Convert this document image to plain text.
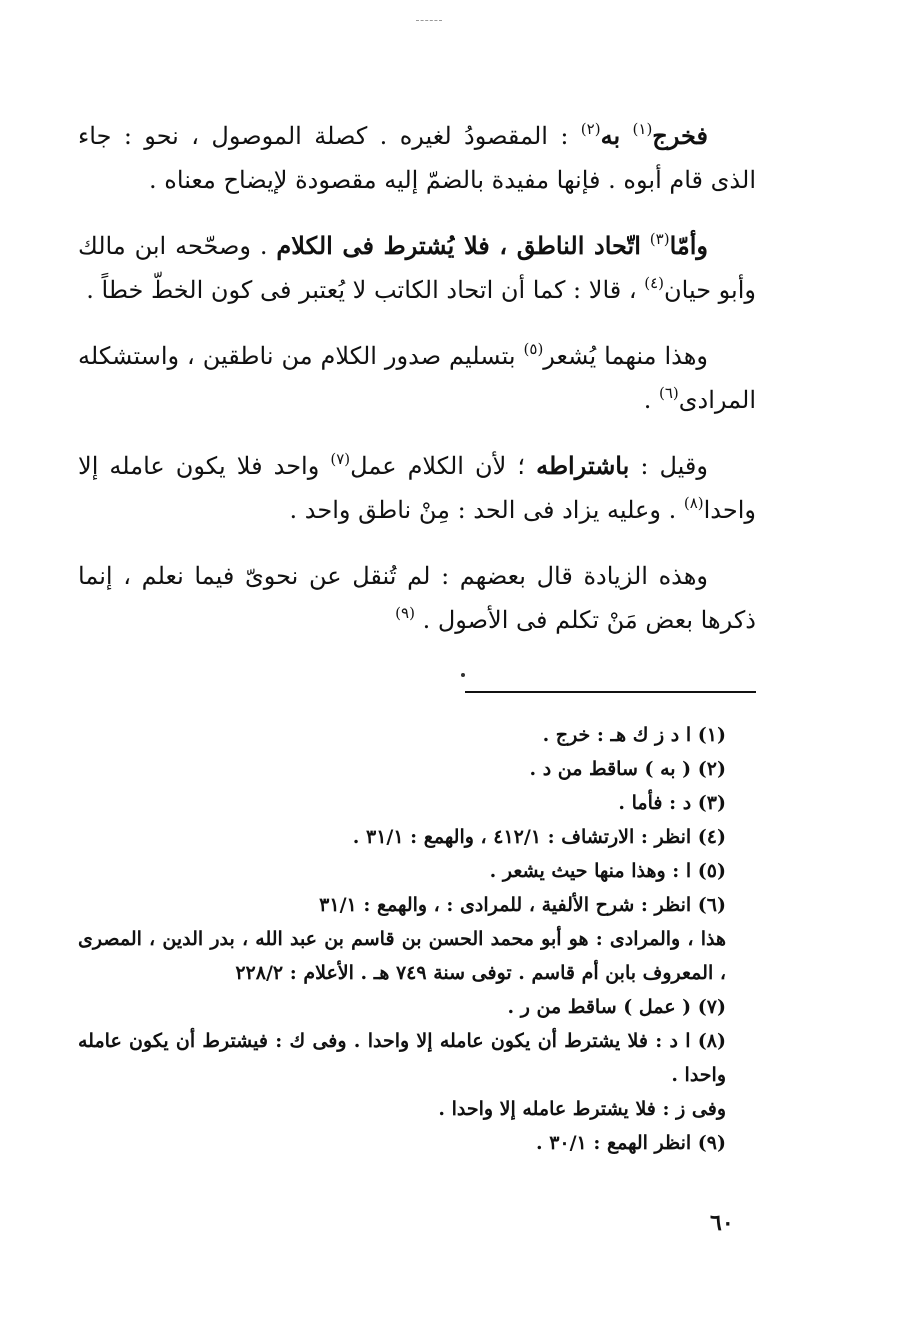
فخرج$^{(١)}$ به$^{(٢)}$ : المقصودُ لغيره . كصلة الموصول ، نحو : جاء الذى قام أبوه . فإنها مفيدة بالضمّ إليه مقصودة لإيضاح معناه .

وأمّا$^{(٣)}$ اتّحاد الناطق ، فلا يُشترط فى الكلام . وصحّحه ابن مالك وأبو حيان$^{(٤)}$ ، قالا : كما أن اتحاد الكاتب لا يُعتبر فى كون الخطّ خطاً .

وهذا منهما يُشعر$^{(٥)}$ بتسليم صدور الكلام من ناطقين ، واستشكله المرادى$^{(٦)}$ .

وقيل : باشتراطه ؛ لأن الكلام عمل$^{(٧)}$ واحد فلا يكون عامله إلا واحدا$^{(٨)}$ . وعليه يزاد فى الحد : مِنْ ناطق واحد .

وهذه الزيادة قال بعضهم : لم تُنقل عن نحوىّ فيما نعلم ، إنما ذكرها بعض مَنْ تكلم فى الأصول . $^{(٩)}$

(١) ا د ز ك هـ : خرج .

(٢) ( به ) ساقط من د .

(٣) د : فأما .

(٤) انظر : الارتشاف : ٤١٢/١ ، والهمع : ٣١/١ .

(٥) ا : وهذا منها حيث يشعر .

(٦) انظر : شرح الألفية ، للمرادى : ، والهمع : ٣١/١

هذا ، والمرادى : هو أبو محمد الحسن بن قاسم بن عبد الله ، بدر الدين ، المصرى ، المعروف بابن أم قاسم . توفى سنة ٧٤٩ هـ . الأعلام : ٢٢٨/٢

(٧) ( عمل ) ساقط من ر .

(٨) ا د : فلا يشترط أن يكون عامله إلا واحدا . وفى ك : فيشترط أن يكون عامله واحدا .

وفى ز : فلا يشترط عامله إلا واحدا .

(٩) انظر الهمع : ٣٠/١ .

٦٠
